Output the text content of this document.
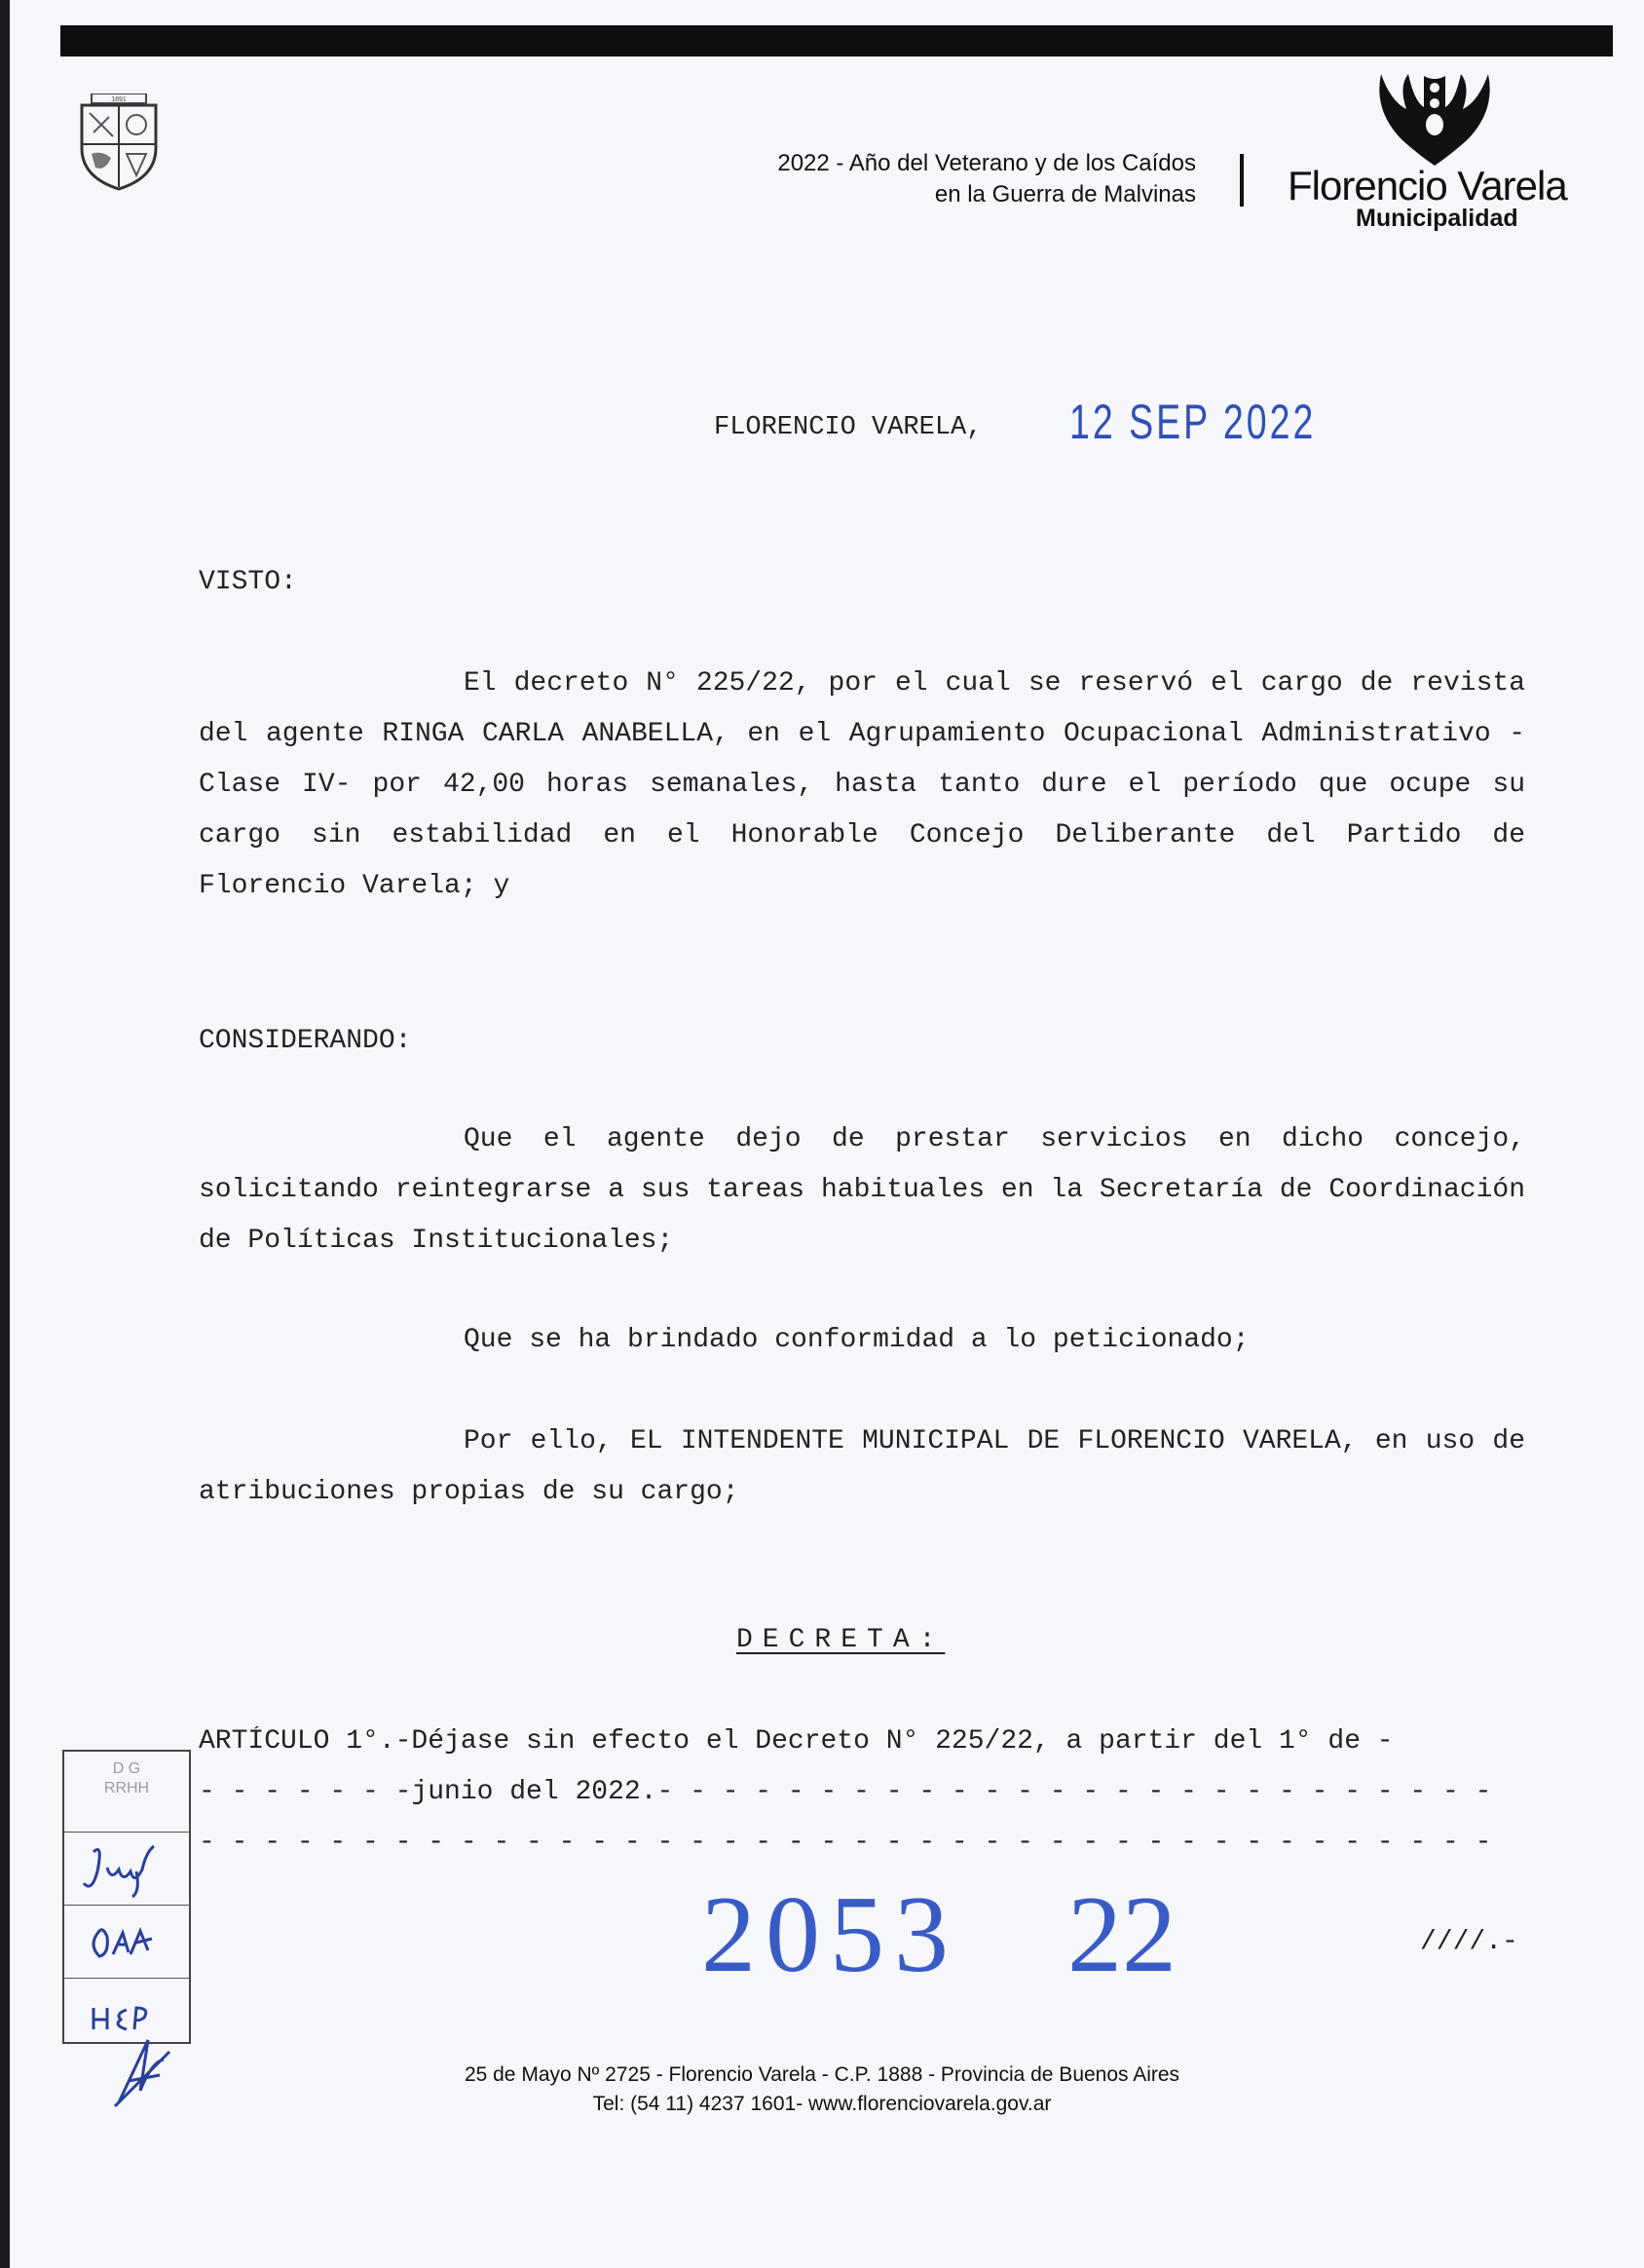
1891
2022 - Año del Veterano y de los Caídos
en la Guerra de Malvinas Florencio Varela
Municipalidad
FLORENCIO VARELA, 12 SEP 2022
VISTO:
El decreto N° 225/22, por el cual se reservó el cargo de revista del agente RINGA CARLA ANABELLA, en el Agrupamiento Ocupacional Administrativo -Clase IV- por 42,00 horas semanales, hasta tanto dure el período que ocupe su cargo sin estabilidad en el Honorable Concejo Deliberante del Partido de Florencio Varela; y
CONSIDERANDO:
Que el agente dejo de prestar servicios en dicho concejo, solicitando reintegrarse a sus tareas habituales en la Secretaría de Coordinación de Políticas Institucionales;
Que se ha brindado conformidad a lo peticionado;
Por ello, EL INTENDENTE MUNICIPAL DE FLORENCIO VARELA, en uso de atribuciones propias de su cargo;
DECRETA:
ARTÍCULO 1°.-Déjase sin efecto el Decreto N° 225/22, a partir del 1° de -
- - - - - - -junio del 2022.- - - - - - - - - - - - - - - - - - - - - - - - - -
- - - - - - - - - - - - - - - - - - - - - - - - - - - - - - - - - - - - - - - -
2053 22	////.-
D G
RRHH
25 de Mayo Nº 2725 - Florencio Varela - C.P. 1888 - Provincia de Buenos Aires
Tel: (54 11) 4237 1601- www.florenciovarela.gov.ar
